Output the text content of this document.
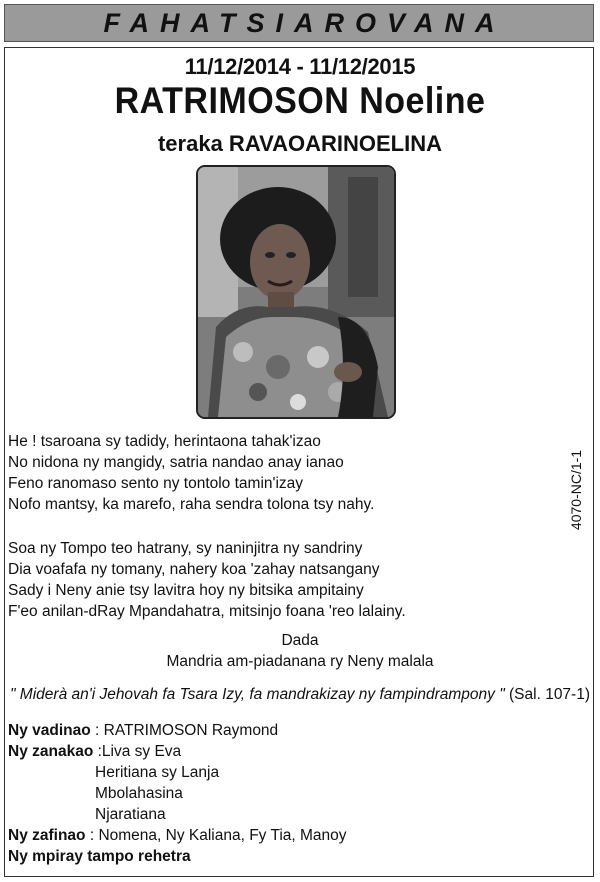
FAHATSIAROVANA
11/12/2014 - 11/12/2015
RATRIMOSON Noeline
teraka RAVAOARINOELINA
4070-NC/1-1
He ! tsaroana sy tadidy, herintaona tahak'izao
No nidona ny mangidy, satria nandao anay ianao
Feno ranomaso sento ny tontolo tamin'izay
Nofo mantsy, ka marefo, raha sendra tolona tsy nahy.
Soa ny Tompo teo hatrany, sy naninjitra ny sandriny
Dia voafafa ny tomany, nahery koa 'zahay natsangany
Sady i Neny anie tsy lavitra hoy ny bitsika ampitainy
F'eo anilan-dRay Mpandahatra, mitsinjo foana 'reo lalainy.
Dada
Mandria am-piadanana ry Neny malala
" Miderà an'i Jehovah fa Tsara Izy, fa mandrakizay ny fampindrampony " (Sal. 107-1)
Ny vadinao : RATRIMOSON Raymond
Ny zanakao :Liva sy Eva
Heritiana sy Lanja
Mbolahasina
Njaratiana
Ny zafinao : Nomena, Ny Kaliana, Fy Tia, Manoy
Ny mpiray tampo rehetra
